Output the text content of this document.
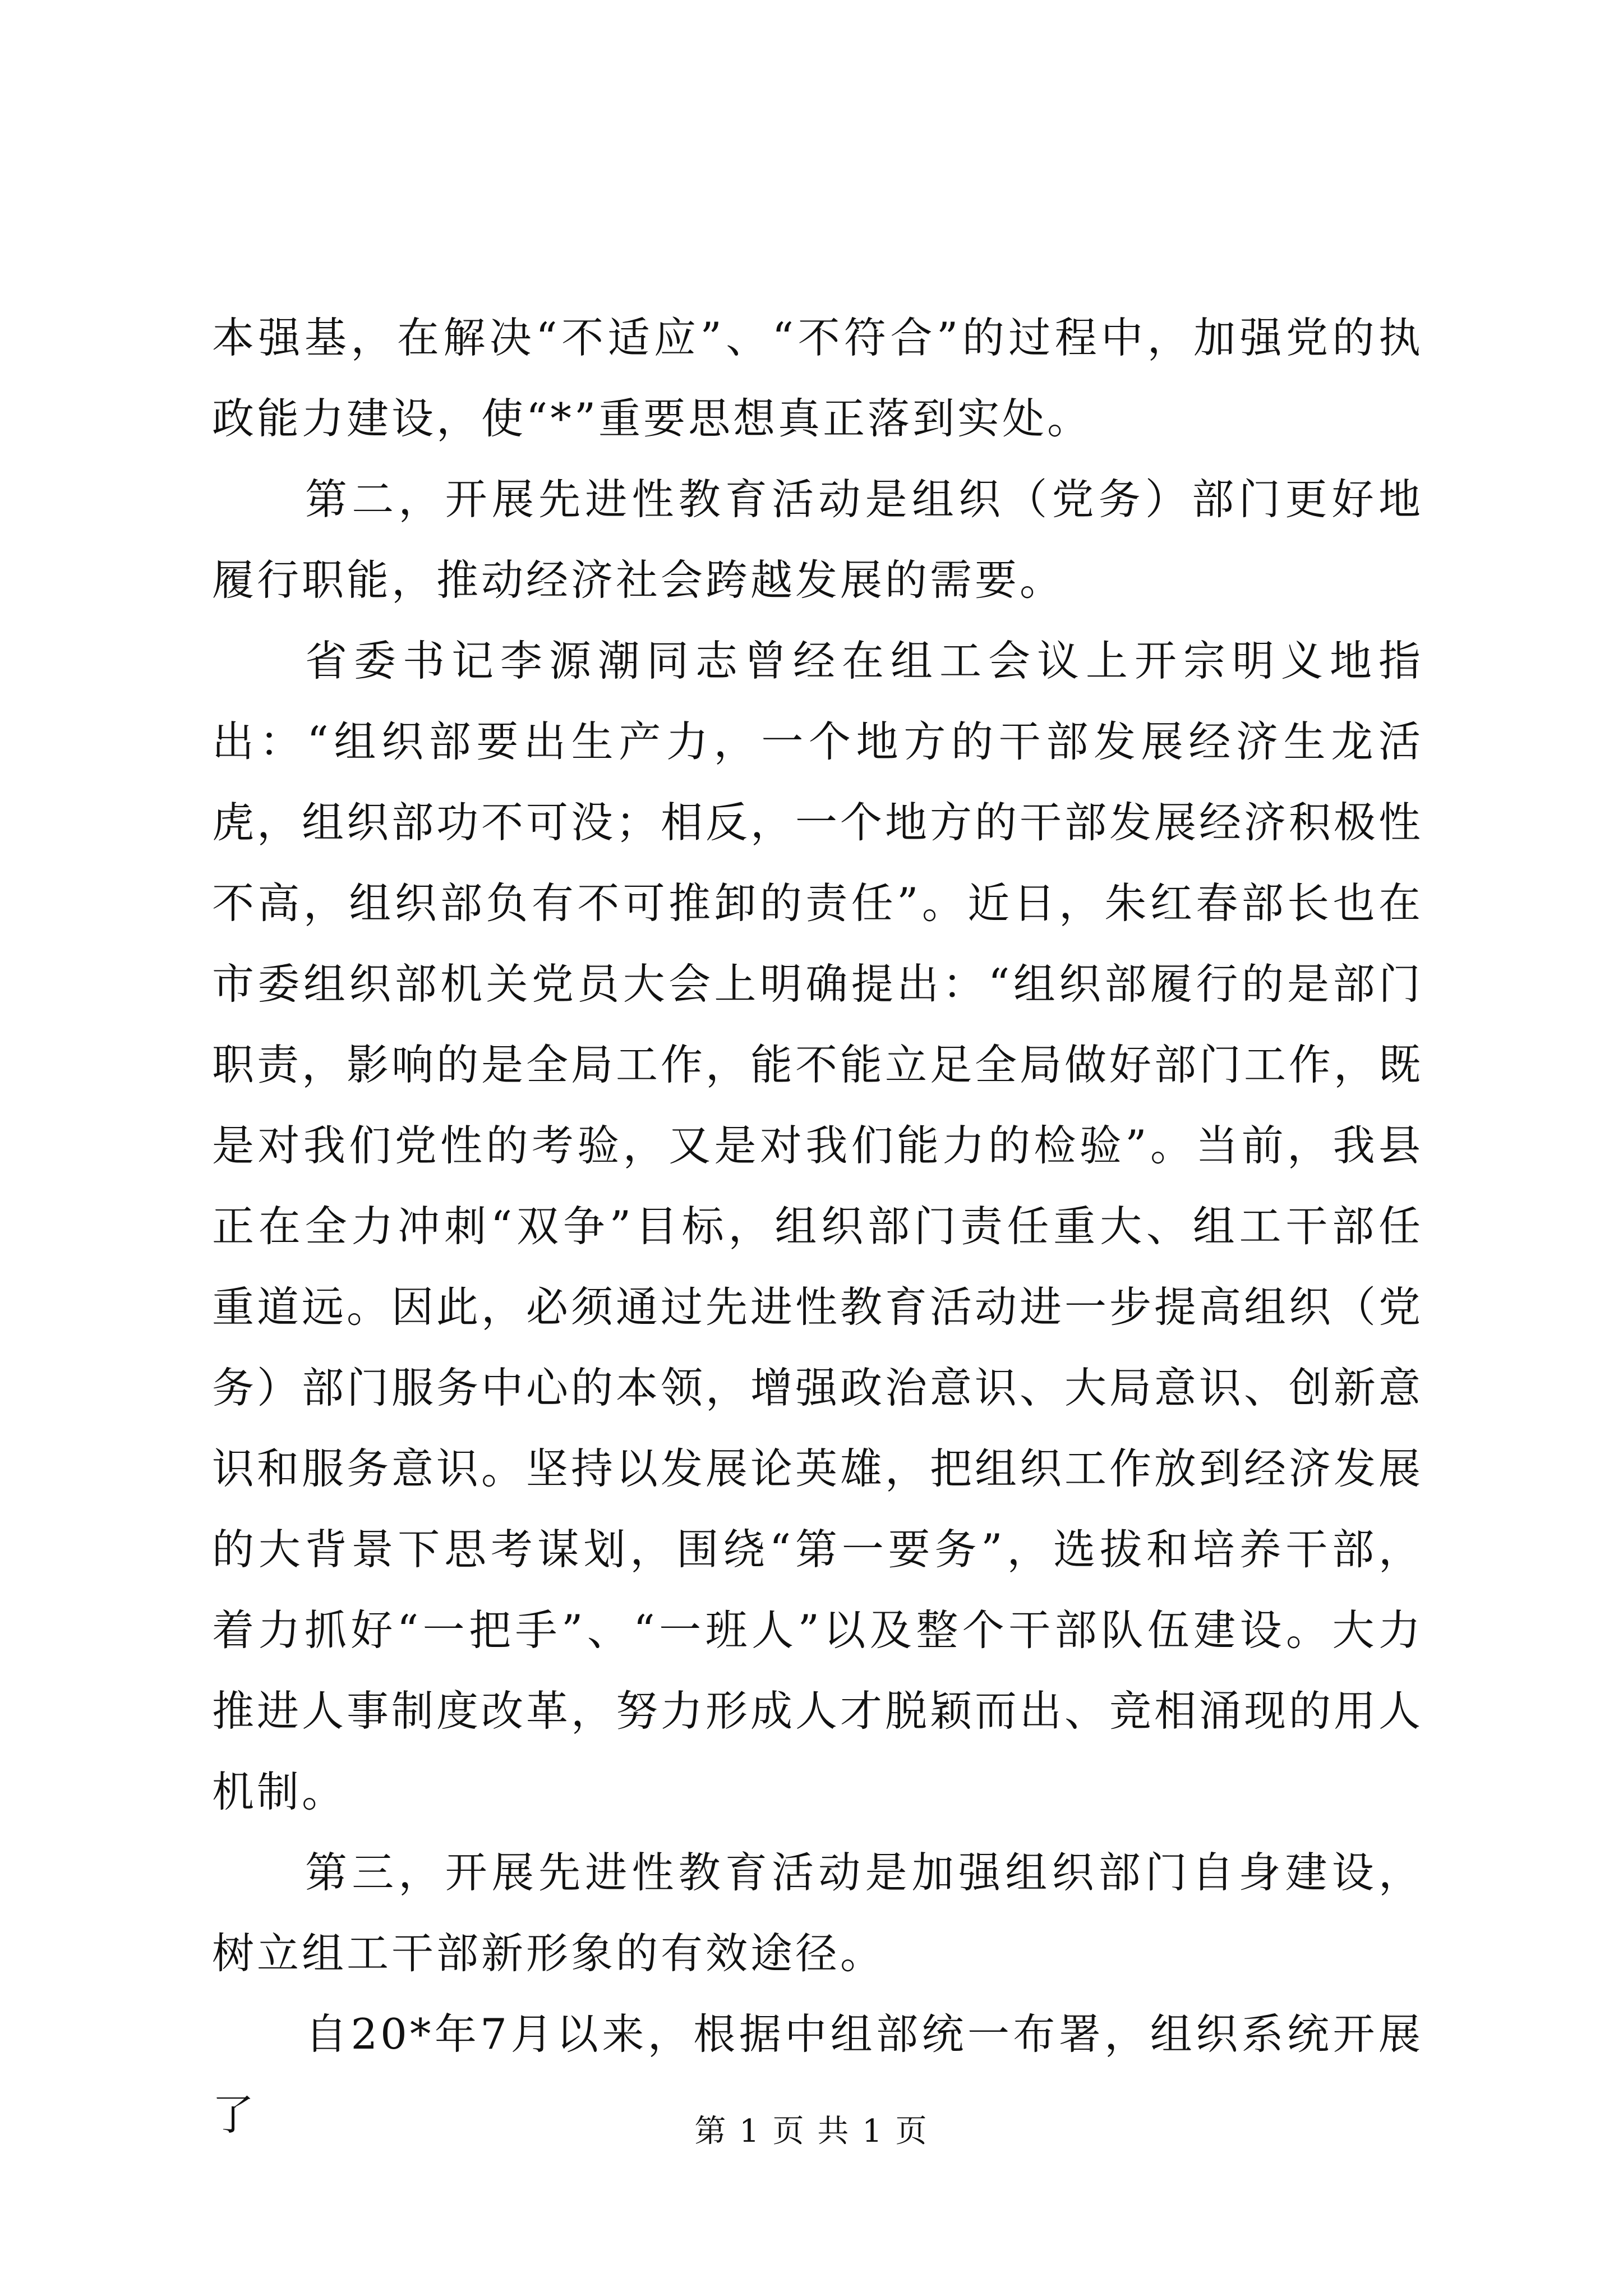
本强基，在解决“不适应”、“不符合”的过程中，加强党的执政能力建设，使“*”重要思想真正落到实处。

第二，开展先进性教育活动是组织（党务）部门更好地履行职能，推动经济社会跨越发展的需要。

省委书记李源潮同志曾经在组工会议上开宗明义地指出：“组织部要出生产力，一个地方的干部发展经济生龙活虎，组织部功不可没；相反，一个地方的干部发展经济积极性不高，组织部负有不可推卸的责任”。近日，朱红春部长也在市委组织部机关党员大会上明确提出：“组织部履行的是部门职责，影响的是全局工作，能不能立足全局做好部门工作，既是对我们党性的考验，又是对我们能力的检验”。当前，我县正在全力冲刺“双争”目标，组织部门责任重大、组工干部任重道远。因此，必须通过先进性教育活动进一步提高组织（党务）部门服务中心的本领，增强政治意识、大局意识、创新意识和服务意识。坚持以发展论英雄，把组织工作放到经济发展的大背景下思考谋划，围绕“第一要务”，选拔和培养干部，着力抓好“一把手”、“一班人”以及整个干部队伍建设。大力推进人事制度改革，努力形成人才脱颖而出、竞相涌现的用人机制。

第三，开展先进性教育活动是加强组织部门自身建设，树立组工干部新形象的有效途径。

自20*年7月以来，根据中组部统一布署，组织系统开展了	第 1 页 共 1 页
